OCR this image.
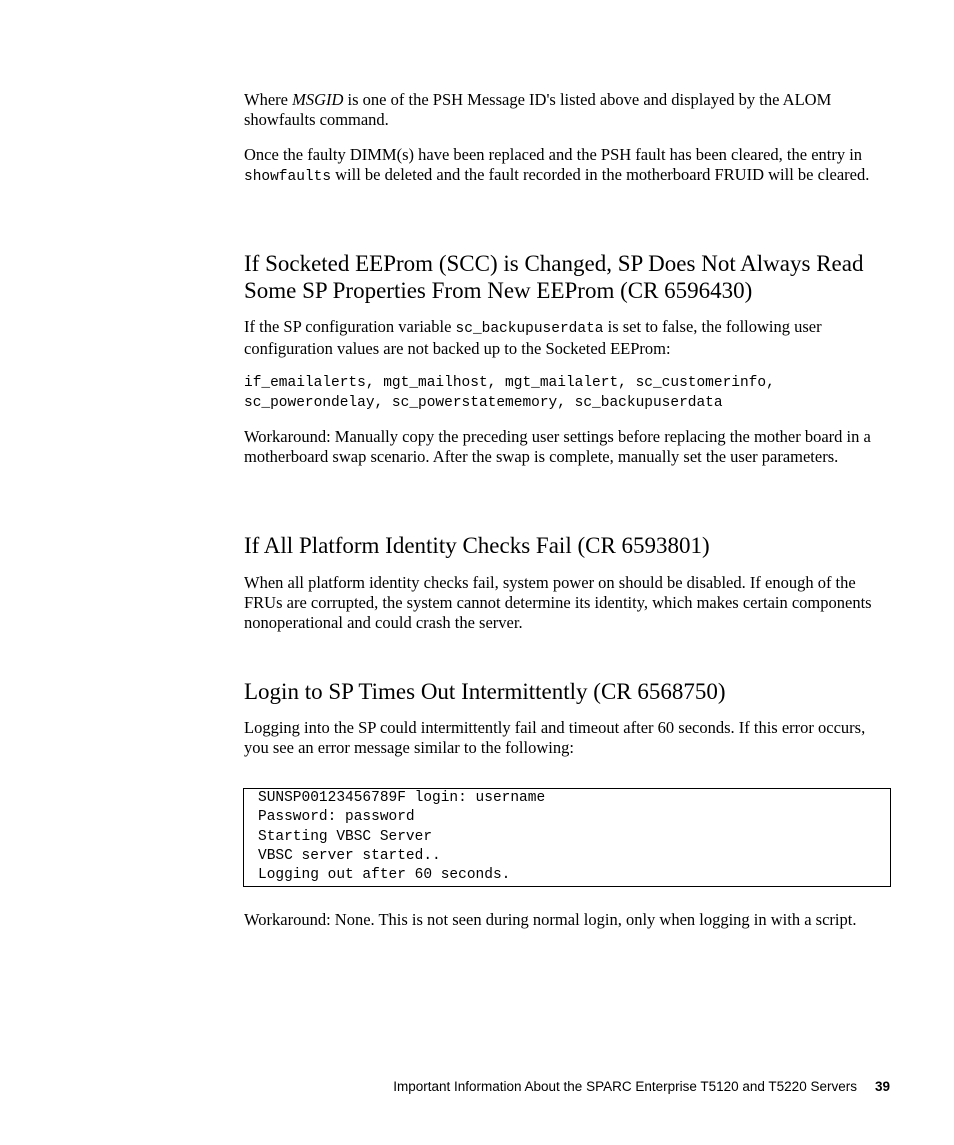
Where MSGID is one of the PSH Message ID's listed above and displayed by the ALOM showfaults command.

Once the faulty DIMM(s) have been replaced and the PSH fault has been cleared, the entry in showfaults will be deleted and the fault recorded in the motherboard FRUID will be cleared.

If Socketed EEProm (SCC) is Changed, SP Does Not Always Read Some SP Properties From New EEProm (CR 6596430)

If the SP configuration variable sc_backupuserdata is set to false, the following user configuration values are not backed up to the Socketed EEProm:

if_emailalerts, mgt_mailhost, mgt_mailalert, sc_customerinfo,
sc_powerondelay, sc_powerstatememory, sc_backupuserdata

Workaround: Manually copy the preceding user settings before replacing the mother board in a motherboard swap scenario. After the swap is complete, manually set the user parameters.

If All Platform Identity Checks Fail (CR 6593801)

When all platform identity checks fail, system power on should be disabled. If enough of the FRUs are corrupted, the system cannot determine its identity, which makes certain components nonoperational and could crash the server.

Login to SP Times Out Intermittently (CR 6568750)

Logging into the SP could intermittently fail and timeout after 60 seconds. If this error occurs, you see an error message similar to the following:

SUNSP00123456789F login: username
Password: password
Starting VBSC Server
VBSC server started..
Logging out after 60 seconds.

Workaround: None. This is not seen during normal login, only when logging in with a script.

Important Information About the SPARC Enterprise T5120 and T5220 Servers 39
